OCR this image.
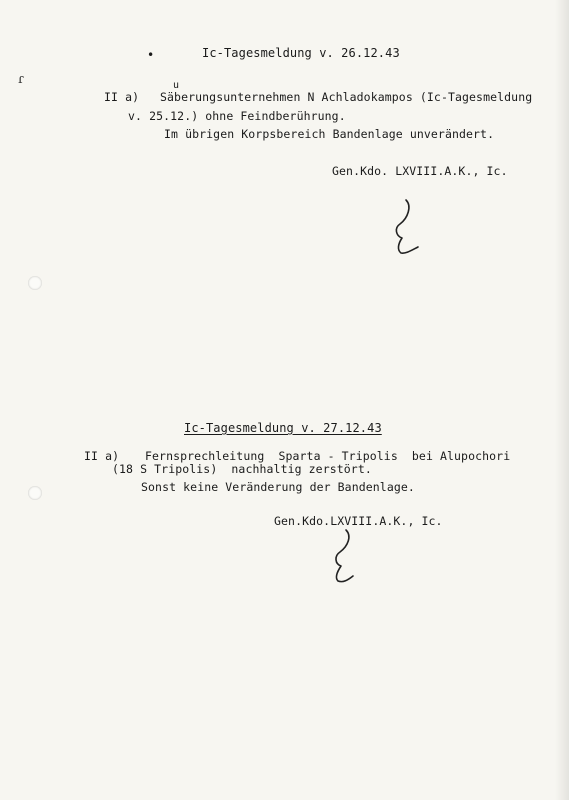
ɾ
•	Ic-Tagesmeldung v. 26.12.43
u
II a) Säberungsunternehmen N Achladokampos (Ic-Tagesmeldung
v. 25.12.) ohne Feindberührung.
Im übrigen Korpsbereich Bandenlage unverändert.
Gen.Kdo. LXVIII.A.K., Ic.
Ic-Tagesmeldung v. 27.12.43
II a) Fernsprechleitung  Sparta - Tripolis  bei Alupochori
(18 S Tripolis)  nachhaltig zerstört.
Sonst keine Veränderung der Bandenlage.
Gen.Kdo.LXVIII.A.K., Ic.
